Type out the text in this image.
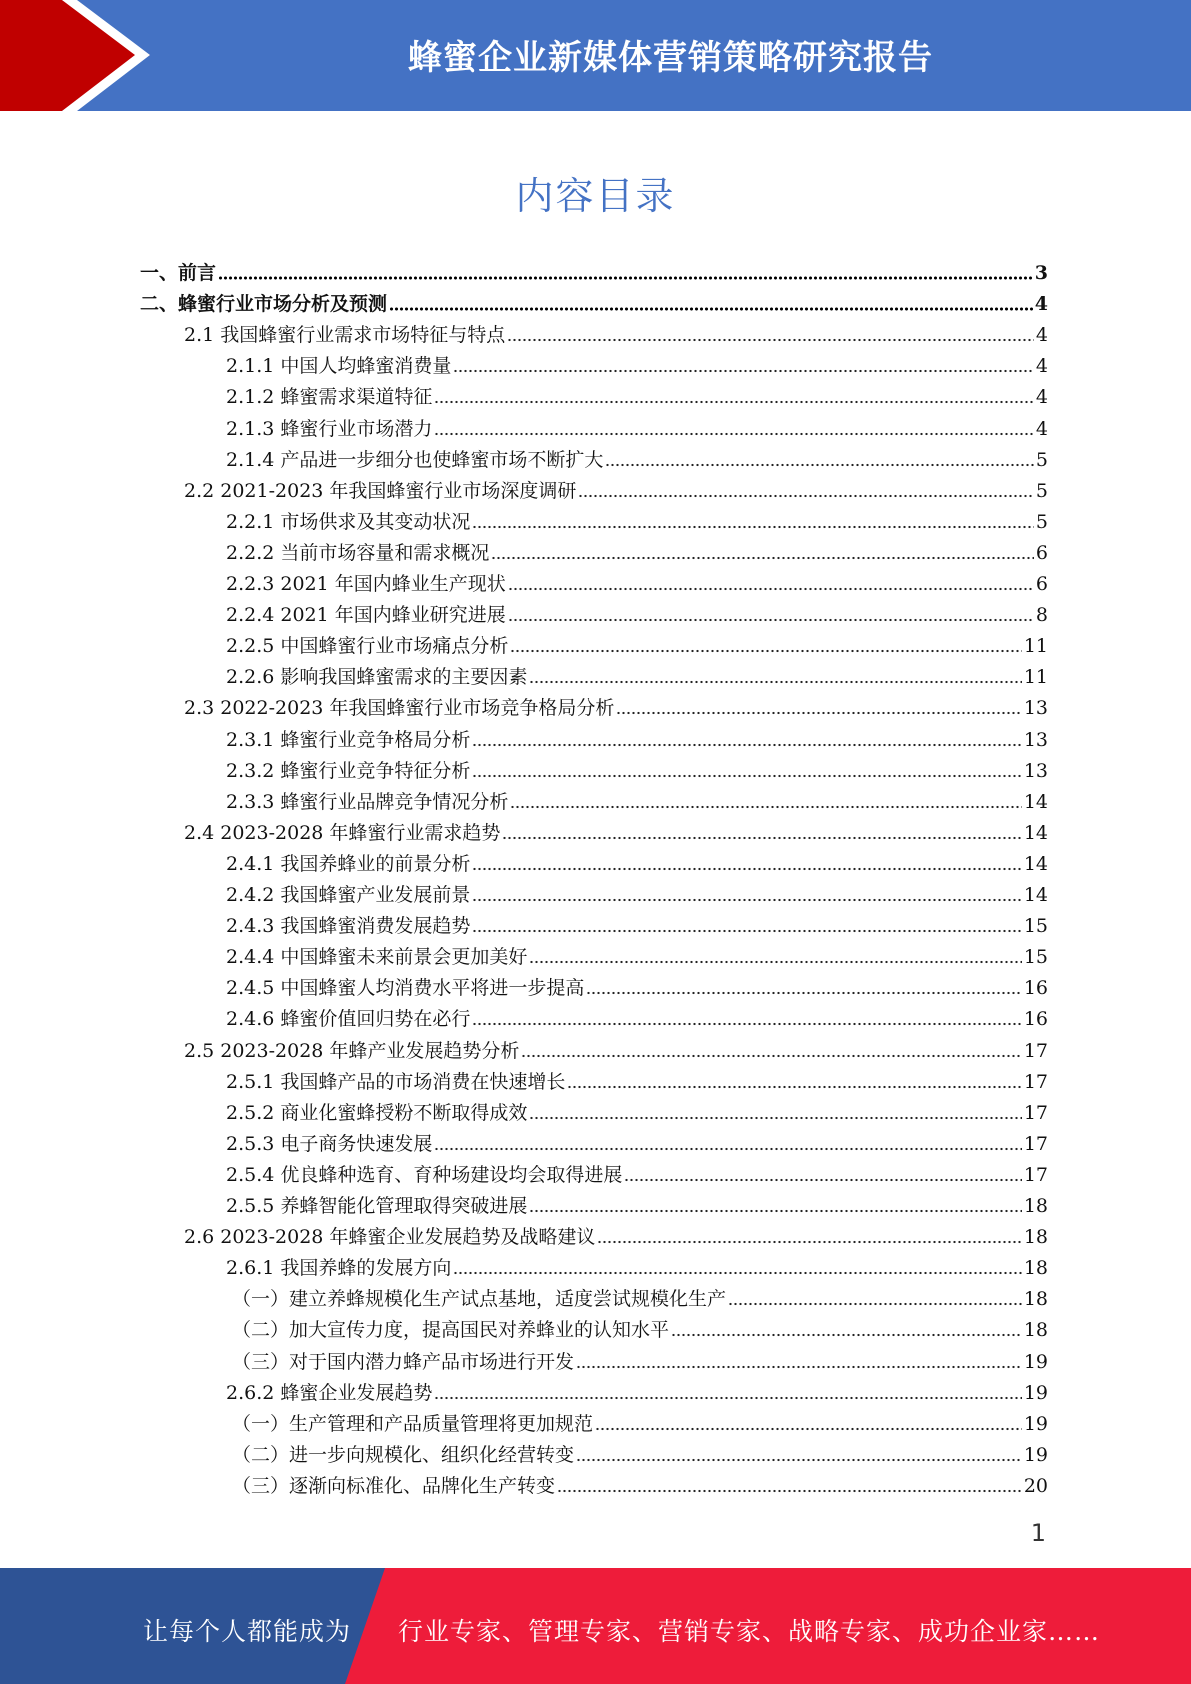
蜂蜜企业新媒体营销策略研究报告
内容目录
一、前言	3
二、蜂蜜行业市场分析及预测	4
2.1 我国蜂蜜行业需求市场特征与特点	4
2.1.1 中国人均蜂蜜消费量	4
2.1.2 蜂蜜需求渠道特征	4
2.1.3 蜂蜜行业市场潜力	4
2.1.4 产品进一步细分也使蜂蜜市场不断扩大	5
2.2 2021-2023 年我国蜂蜜行业市场深度调研	5
2.2.1 市场供求及其变动状况	5
2.2.2 当前市场容量和需求概况	6
2.2.3 2021 年国内蜂业生产现状	6
2.2.4 2021 年国内蜂业研究进展	8
2.2.5 中国蜂蜜行业市场痛点分析	11
2.2.6 影响我国蜂蜜需求的主要因素	11
2.3 2022-2023 年我国蜂蜜行业市场竞争格局分析	13
2.3.1 蜂蜜行业竞争格局分析	13
2.3.2 蜂蜜行业竞争特征分析	13
2.3.3 蜂蜜行业品牌竞争情况分析	14
2.4 2023-2028 年蜂蜜行业需求趋势	14
2.4.1 我国养蜂业的前景分析	14
2.4.2 我国蜂蜜产业发展前景	14
2.4.3 我国蜂蜜消费发展趋势	15
2.4.4 中国蜂蜜未来前景会更加美好	15
2.4.5 中国蜂蜜人均消费水平将进一步提高	16
2.4.6 蜂蜜价值回归势在必行	16
2.5 2023-2028 年蜂产业发展趋势分析	17
2.5.1 我国蜂产品的市场消费在快速增长	17
2.5.2 商业化蜜蜂授粉不断取得成效	17
2.5.3 电子商务快速发展	17
2.5.4 优良蜂种选育、育种场建设均会取得进展	17
2.5.5 养蜂智能化管理取得突破进展	18
2.6 2023-2028 年蜂蜜企业发展趋势及战略建议	18
2.6.1 我国养蜂的发展方向	18
（一）建立养蜂规模化生产试点基地，适度尝试规模化生产	18
（二）加大宣传力度，提高国民对养蜂业的认知水平	18
（三）对于国内潜力蜂产品市场进行开发	19
2.6.2 蜂蜜企业发展趋势	19
（一）生产管理和产品质量管理将更加规范	19
（二）进一步向规模化、组织化经营转变	19
（三）逐渐向标准化、品牌化生产转变	20
1
让每个人都能成为 行业专家、管理专家、营销专家、战略专家、成功企业家……
